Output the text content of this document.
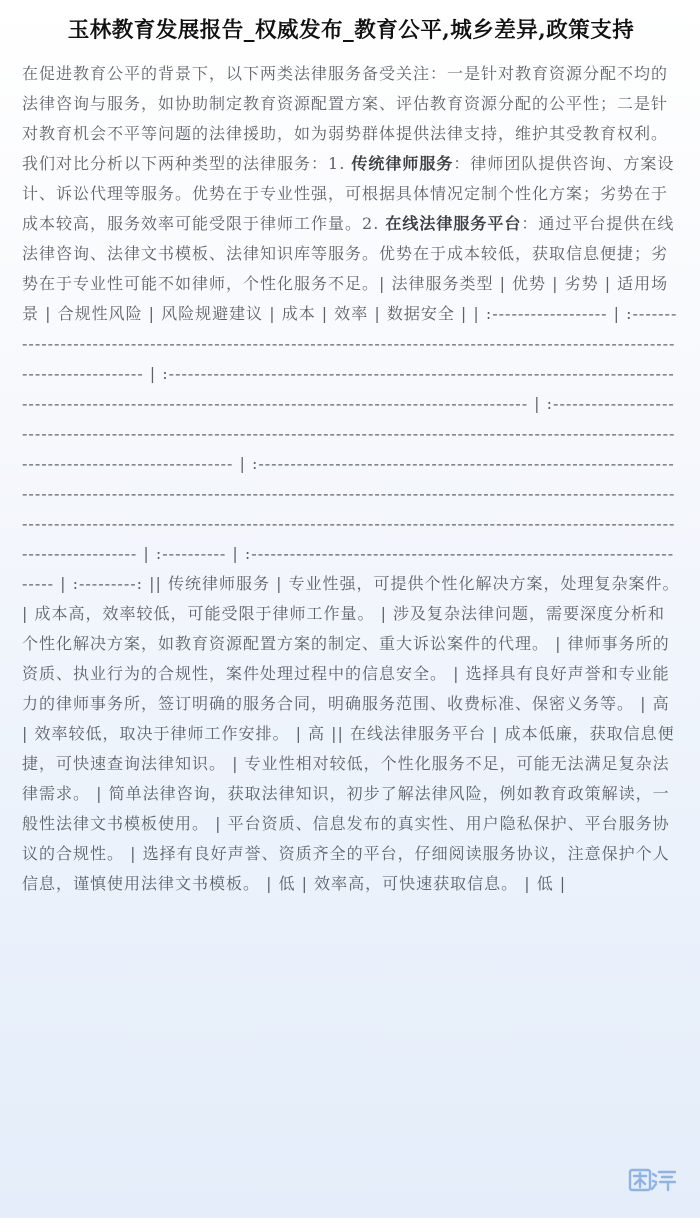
玉林教育发展报告_权威发布_教育公平,城乡差异,政策支持
在促进教育公平的背景下，以下两类法律服务备受关注：一是针对教育资源分配不均的法律咨询与服务，如协助制定教育资源配置方案、评估教育资源分配的公平性；二是针对教育机会不平等问题的法律援助，如为弱势群体提供法律支持，维护其受教育权利。我们对比分析以下两种类型的法律服务：1. 传统律师服务：律师团队提供咨询、方案设计、诉讼代理等服务。优势在于专业性强，可根据具体情况定制个性化方案；劣势在于成本较高，服务效率可能受限于律师工作量。2. 在线法律服务平台：通过平台提供在线法律咨询、法律文书模板、法律知识库等服务。优势在于成本较低，获取信息便捷；劣势在于专业性可能不如律师，个性化服务不足。| 法律服务类型 | 优势 | 劣势 | 适用场景 | 合规性风险 | 风险规避建议 | 成本 | 效率 | 数据安全 | | :------------------ | :-------------------------------------------------------------------------------------------------------------------------------- | :-------------------------------------------------------------------------------------------------------------------------------------------------------------- | :---------------------------------------------------------------------------------------------------------------------------------------------------------- | :----------------------------------------------------------------------------------------------------------------------------------------------------------------------------------------------------------------------------------------------------------------------------------------------- | :---------- | :----------------------------------------------------------------------- | :---------: || 传统律师服务 | 专业性强，可提供个性化解决方案，处理复杂案件。 | 成本高，效率较低，可能受限于律师工作量。 | 涉及复杂法律问题，需要深度分析和个性化解决方案，如教育资源配置方案的制定、重大诉讼案件的代理。 | 律师事务所的资质、执业行为的合规性，案件处理过程中的信息安全。 | 选择具有良好声誉和专业能力的律师事务所，签订明确的服务合同，明确服务范围、收费标准、保密义务等。 | 高 | 效率较低，取决于律师工作安排。 | 高 || 在线法律服务平台 | 成本低廉，获取信息便捷，可快速查询法律知识。 | 专业性相对较低，个性化服务不足，可能无法满足复杂法律需求。 | 简单法律咨询，获取法律知识，初步了解法律风险，例如教育政策解读，一般性法律文书模板使用。 | 平台资质、信息发布的真实性、用户隐私保护、平台服务协议的合规性。 | 选择有良好声誉、资质齐全的平台，仔细阅读服务协议，注意保护个人信息，谨慎使用法律文书模板。 | 低 | 效率高，可快速获取信息。 | 低 |
